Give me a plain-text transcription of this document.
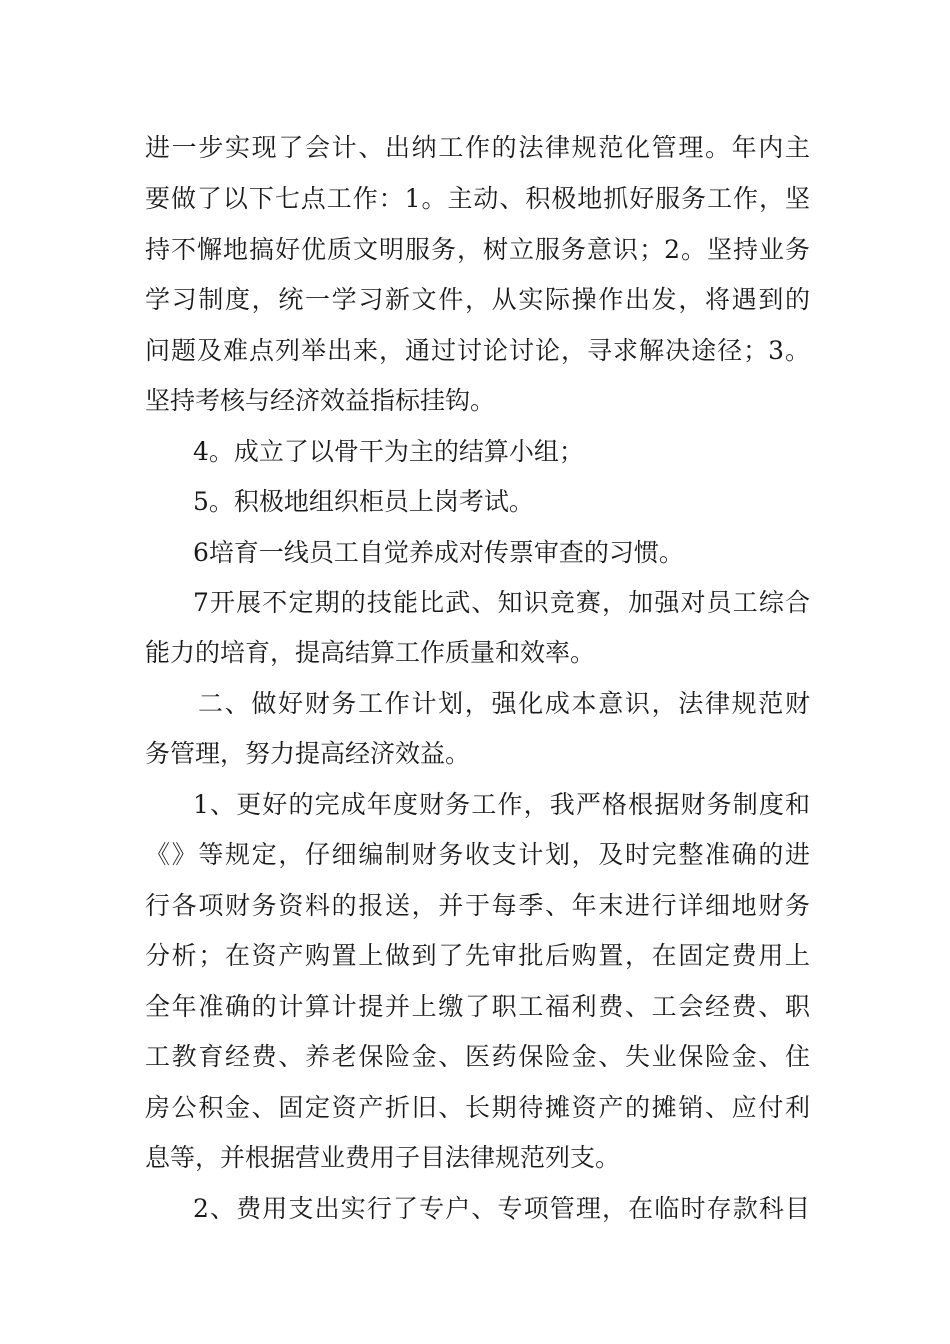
进一步实现了会计、出纳工作的法律规范化管理。年内主
要做了以下七点工作：1。主动、积极地抓好服务工作，坚
持不懈地搞好优质文明服务，树立服务意识；2。坚持业务
学习制度，统一学习新文件，从实际操作出发，将遇到的
问题及难点列举出来，通过讨论讨论，寻求解决途径；3。
坚持考核与经济效益指标挂钩。
4。成立了以骨干为主的结算小组；
5。积极地组织柜员上岗考试。
6培育一线员工自觉养成对传票审查的习惯。
7开展不定期的技能比武、知识竞赛，加强对员工综合
能力的培育，提高结算工作质量和效率。
二、做好财务工作计划，强化成本意识，法律规范财
务管理，努力提高经济效益。
1、更好的完成年度财务工作，我严格根据财务制度和
《》等规定，仔细编制财务收支计划，及时完整准确的进
行各项财务资料的报送，并于每季、年末进行详细地财务
分析；在资产购置上做到了先审批后购置，在固定费用上
全年准确的计算计提并上缴了职工福利费、工会经费、职
工教育经费、养老保险金、医药保险金、失业保险金、住
房公积金、固定资产折旧、长期待摊资产的摊销、应付利
息等，并根据营业费用子目法律规范列支。
2、费用支出实行了专户、专项管理，在临时存款科目
